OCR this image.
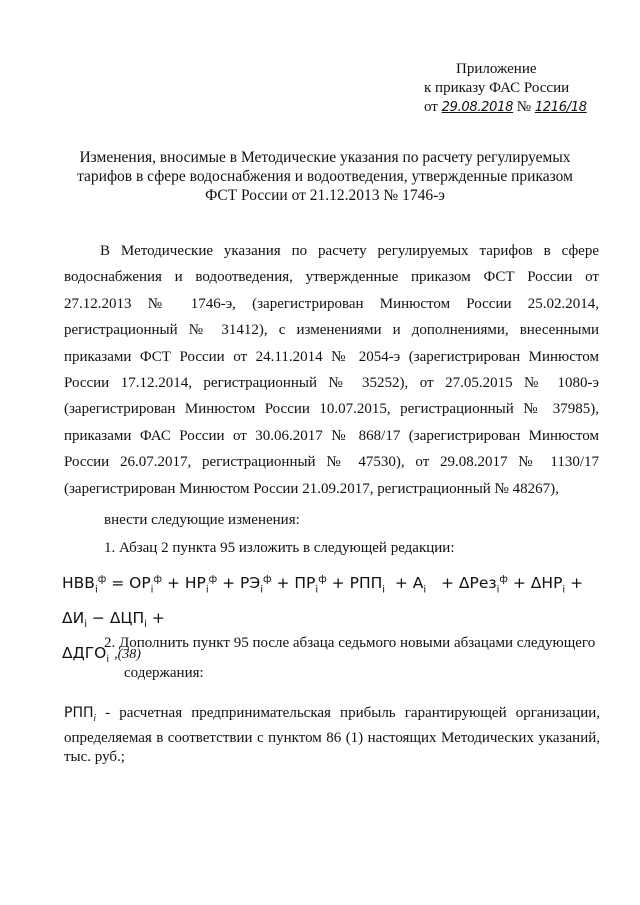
Приложение
к приказу ФАС России
от 29.08.2018 № 1216/18
Изменения, вносимые в Методические указания по расчету регулируемых тарифов в сфере водоснабжения и водоотведения, утвержденные приказом ФСТ России от 21.12.2013 № 1746-э

В Методические указания по расчету регулируемых тарифов в сфере водоснабжения и водоотведения, утвержденные приказом ФСТ России от 27.12.2013 № 1746-э, (зарегистрирован Минюстом России 25.02.2014, регистрационный № 31412), с изменениями и дополнениями, внесенными приказами ФСТ России от 24.11.2014 № 2054-э (зарегистрирован Минюстом России 17.12.2014, регистрационный № 35252), от 27.05.2015 № 1080-э (зарегистрирован Минюстом России 10.07.2015, регистрационный № 37985), приказами ФАС России от 30.06.2017 № 868/17 (зарегистрирован Минюстом России 26.07.2017, регистрационный № 47530), от 29.08.2017 № 1130/17 (зарегистрирован Минюстом России 21.09.2017, регистрационный № 48267),

внести следующие изменения:
1. Абзац 2 пункта 95 изложить в следующей редакции:
$НВВ_i^ф = ОР_i^ф + НР_i^ф + РЭ_i^ф + ПР_i^ф + РПП_i + А_i + \Delta Рез_i^ф + \Delta НР_i + \Delta И_i - \Delta ЦП_i$ +
$\Delta ДГО_i$ ,(38)
2. Дополнить пункт 95 после абзаца седьмого новыми абзацами следующего
содержания:
$РПП_i$ - расчетная предпринимательская прибыль гарантирующей организации, определяемая в соответствии с пунктом 86 (1) настоящих Методических указаний, тыс. руб.;
